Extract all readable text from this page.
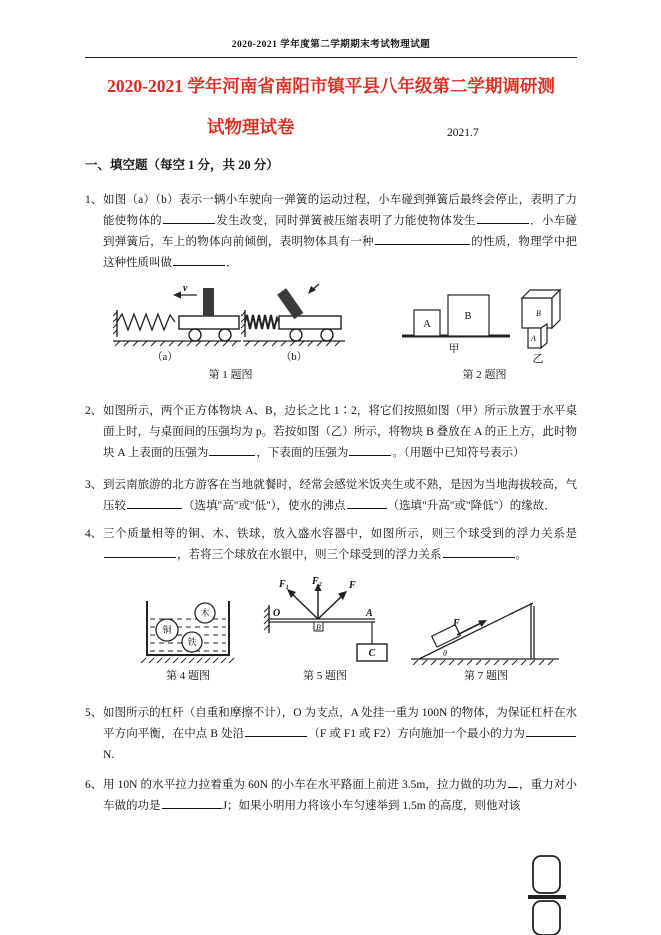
2020-2021 学年度第二学期期末考试物理试题
2020-2021 学年河南省南阳市镇平县八年级第二学期调研测
试物理试卷	2021.7
一、填空题（每空 1 分，共 20 分）
1、 如图（a）（b）表示一辆小车驶向一弹簧的运动过程，小车碰到弹簧后最终会停止，表明了力能使物体的	发生改变，同时弹簧被压缩表明了力能使物体发生	．小车碰到弹簧后，车上的物体向前倾倒，表明物体具有一种	的性质，物理学中把这种性质叫做	．
v
（a）	（b）
第 1 题图
A
B
甲
B
A
乙
第 2 题图
2、 如图所示，两个正方体物块 A、B，边长之比 1∶2，将它们按照如图（甲）所示放置于水平桌面上时，与桌面间的压强均为 p。若按如图（乙）所示，将物块 B 叠放在 A 的正上方，此时物块 A 上表面的压强为	，下表面的压强为	。（用题中已知符号表示）
3、 到云南旅游的北方游客在当地就餐时，经常会感觉米饭夹生或不熟，是因为当地海拔较高，气压较	（选填"高"或"低"），使水的沸点	（选填"升高"或"降低"）的缘故．
4、 三个质量相等的铜、木、铁球，放入盛水容器中，如图所示，则三个球受到的浮力关系是，若将三个球放在水银中，则三个球受到的浮力关系	。
木
铜
铁
第 4 题图
O	A
B
F₁ F₂	F
C
第 5 题图
F
θ
第 7 题图
5、 如图所示的杠杆（自重和摩擦不计），O 为支点，A 处挂一重为 100N 的物体，为保证杠杆在水平方向平衡，在中点 B 处沿	（F 或 F1 或 F2）方向施加一个最小的力为N.
6、 用 10N 的水平拉力拉着重为 60N 的小车在水平路面上前进 3.5m，拉力做的功为 ，重力对小车做的功是	J；如果小明用力将该小车匀速举到 1.5m 的高度，则他对该
